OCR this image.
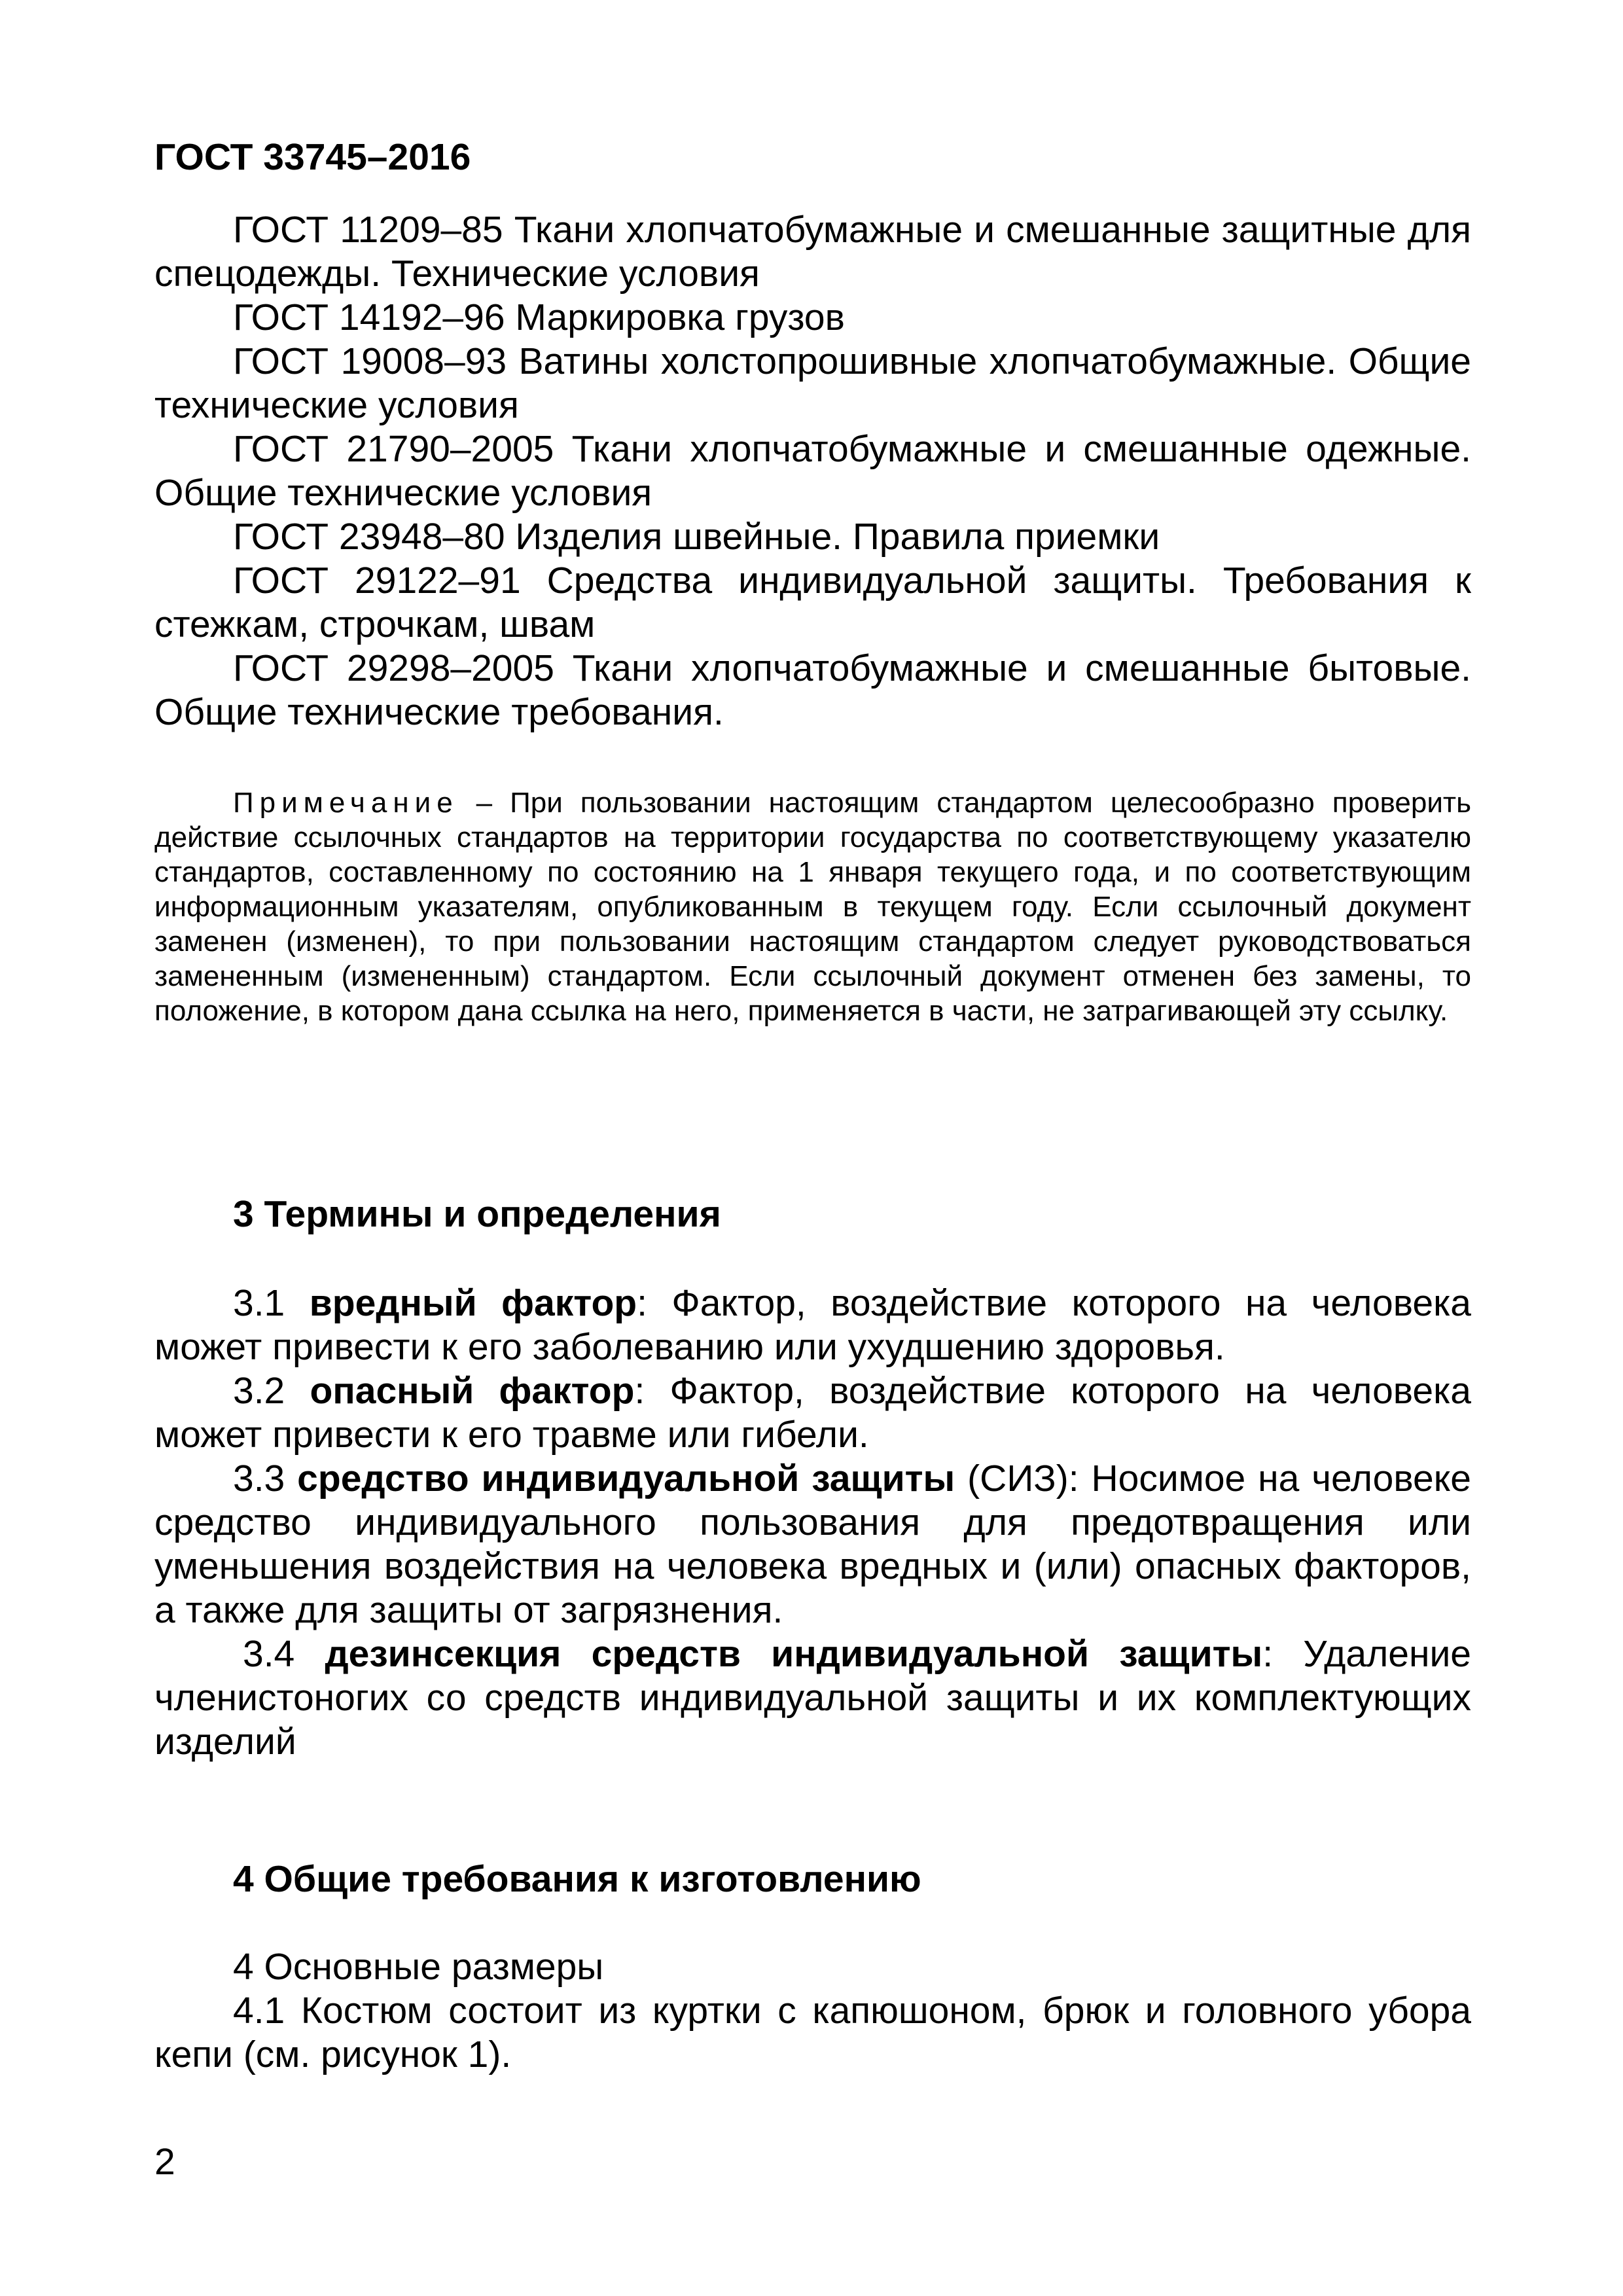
ГОСТ 33745–2016

ГОСТ 11209–85 Ткани хлопчатобумажные и смешанные защитные для спецодежды. Технические условия

ГОСТ 14192–96 Маркировка грузов

ГОСТ 19008–93 Ватины холстопрошивные хлопчатобумажные. Общие технические условия

ГОСТ 21790–2005 Ткани хлопчатобумажные и смешанные одежные. Общие технические условия

ГОСТ 23948–80 Изделия швейные. Правила приемки

ГОСТ 29122–91 Средства индивидуальной защиты. Требования к стежкам, строчкам, швам

ГОСТ 29298–2005 Ткани хлопчатобумажные и смешанные бытовые. Общие технические требования.

Примечание – При пользовании настоящим стандартом целесообразно проверить действие ссылочных стандартов на территории государства по соответствующему указателю стандартов, составленному по состоянию на 1 января текущего года, и по соответствующим информационным указателям, опубликованным в текущем году. Если ссылочный документ заменен (изменен), то при пользовании настоящим стандартом следует руководствоваться замененным (измененным) стандартом. Если ссылочный документ отменен без замены, то положение, в котором дана ссылка на него, применяется в части, не затрагивающей эту ссылку.

3 Термины и определения

3.1 вредный фактор: Фактор, воздействие которого на человека может привести к его заболеванию или ухудшению здоровья.

3.2 опасный фактор: Фактор, воздействие которого на человека может привести к его травме или гибели.

3.3 средство индивидуальной защиты (СИЗ): Носимое на человеке средство индивидуального пользования для предотвращения или уменьшения воздействия на человека вредных и (или) опасных факторов, а также для защиты от загрязнения.

3.4 дезинсекция средств индивидуальной защиты: Удаление членистоногих со средств индивидуальной защиты и их комплектующих изделий

4 Общие требования к изготовлению

4 Основные размеры

4.1 Костюм состоит из куртки с капюшоном, брюк и головного убора кепи (см. рисунок 1).

2
